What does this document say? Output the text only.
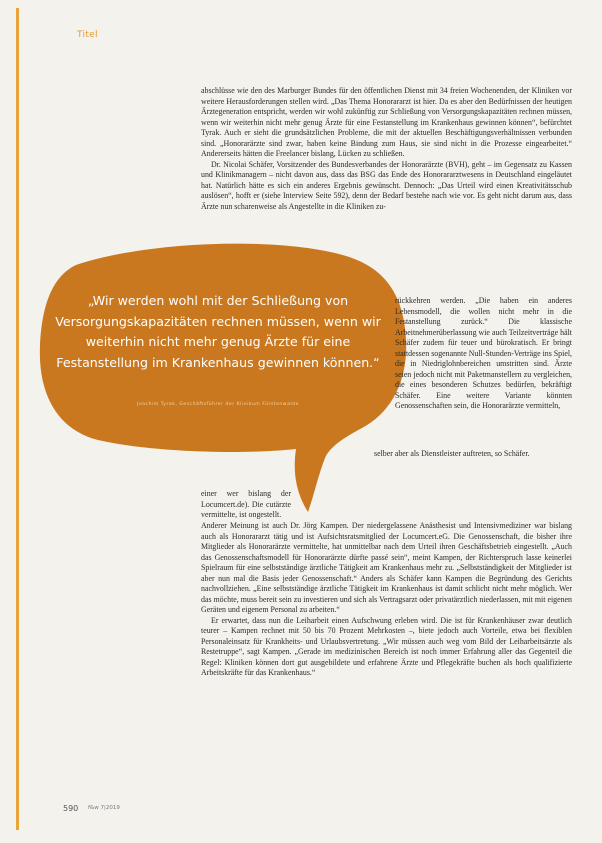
Titel

abschlüsse wie den des Marburger Bundes für den öffentlichen Dienst mit 34 freien Wochenenden, der Kliniken vor weitere Herausforderungen stellen wird. „Das Thema Honorararzt ist hier. Da es aber den Bedürfnissen der heutigen Ärztegeneration entspricht, werden wir wohl zukünftig zur Schließung von Versorgungskapazitäten rechnen müssen, wenn wir weiterhin nicht mehr genug Ärzte für eine Festanstellung im Krankenhaus gewinnen können“, befürchtet Tyrak. Auch er sieht die grundsätzlichen Probleme, die mit der aktuellen Beschäftigungsverhältnissen verbunden sind. „Honorarärzte sind zwar, haben keine Bindung zum Haus, sie sind nicht in die Prozesse eingearbeitet.“ Andererseits hätten die Freelancer bislang, Lücken zu schließen.

Dr. Nicolai Schäfer, Vorsitzender des Bundesverbandes der Honorarärzte (BVH), geht – im Gegensatz zu Kassen und Klinikmanagern – nicht davon aus, dass das BSG das Ende des Honorararztwesens in Deutschland eingeläutet hat. Natürlich hätte es sich ein anderes Ergebnis gewünscht. Dennoch: „Das Urteil wird einen Kreativitätsschub auslösen“, hofft er (siehe Interview Seite 592), denn der Bedarf bestehe nach wie vor. Es geht nicht darum aus, dass Ärzte nun scharenweise als Angestellte in die Kliniken zu-

„Wir werden wohl mit der Schließung von Versorgungskapazitäten rechnen müssen, wenn wir weiterhin nicht mehr genug Ärzte für eine Festanstellung im Krankenhaus gewinnen können.“
Joachim Tyrak, Geschäftsführer der Klinikum Fürstenwalde

rückkehren werden. „Die haben ein anderes Lebensmodell, die wollen nicht mehr in die Festanstellung zurück.“ Die klassische Arbeitnehmerüberlassung wie auch Teilzeitverträge hält Schäfer zudem für teuer und bürokratisch. Er bringt stattdessen sogenannte Null-Stunden-Verträge ins Spiel, die in Niedriglohnbereichen umstritten sind. Ärzte seien jedoch nicht mit Paketmanstellern zu vergleichen, die eines besonderen Schutzes bedürfen, bekräftigt Schäfer. Eine weitere Variante könnten Genossenschaften sein, die Honorarärzte vermitteln,

selber aber als Dienstleister auftreten, so Schäfer.

einer wer bislang der Locumcert.de). Die cutärzte vermittelte, ist ongestellt.

Anderer Meinung ist auch Dr. Jörg Kampen. Der niedergelassene Anästhesist und Intensivmediziner war bislang auch als Honorararzt tätig und ist Aufsichtsratsmitglied der Locumcert.eG. Die Genossenschaft, die bisher ihre Mitglieder als Honorarärzte vermittelte, hat unmittelbar nach dem Urteil ihren Geschäftsbetrieb eingestellt. „Auch das Genossenschaftsmodell für Honorarärzte dürfte passé sein“, meint Kampen, der Richterspruch lasse keinerlei Spielraum für eine selbstständige ärztliche Tätigkeit am Krankenhaus mehr zu. „Selbstständigkeit der Mitglieder ist aber nun mal die Basis jeder Genossenschaft.“ Anders als Schäfer kann Kampen die Begründung des Gerichts nachvollziehen. „Eine selbstständige ärztliche Tätigkeit im Krankenhaus ist damit schlicht nicht mehr möglich. Wer das möchte, muss bereit sein zu investieren und sich als Vertragsarzt oder privatärztlich niederlassen, mit mit eigenen Geräten und eigenem Personal zu arbeiten.“

Er erwartet, dass nun die Leiharbeit einen Aufschwung erleben wird. Die ist für Krankenhäuser zwar deutlich teurer – Kampen rechnet mit 50 bis 70 Prozent Mehrkosten –, biete jedoch auch Vorteile, etwa bei flexiblen Personaleinsatz für Krankheits- und Urlaubsvertretung. „Wir müssen auch weg vom Bild der Leiharbeitsärzte als Restetruppe“, sagt Kampen. „Gerade im medizinischen Bereich ist noch immer Erfahrung aller das Gegenteil die Regel: Kliniken können dort gut ausgebildete und erfahrene Ärzte und Pflegekräfte buchen als hoch qualifizierte Arbeitskräfte für das Krankenhaus.“

590 f&w 7|2019
